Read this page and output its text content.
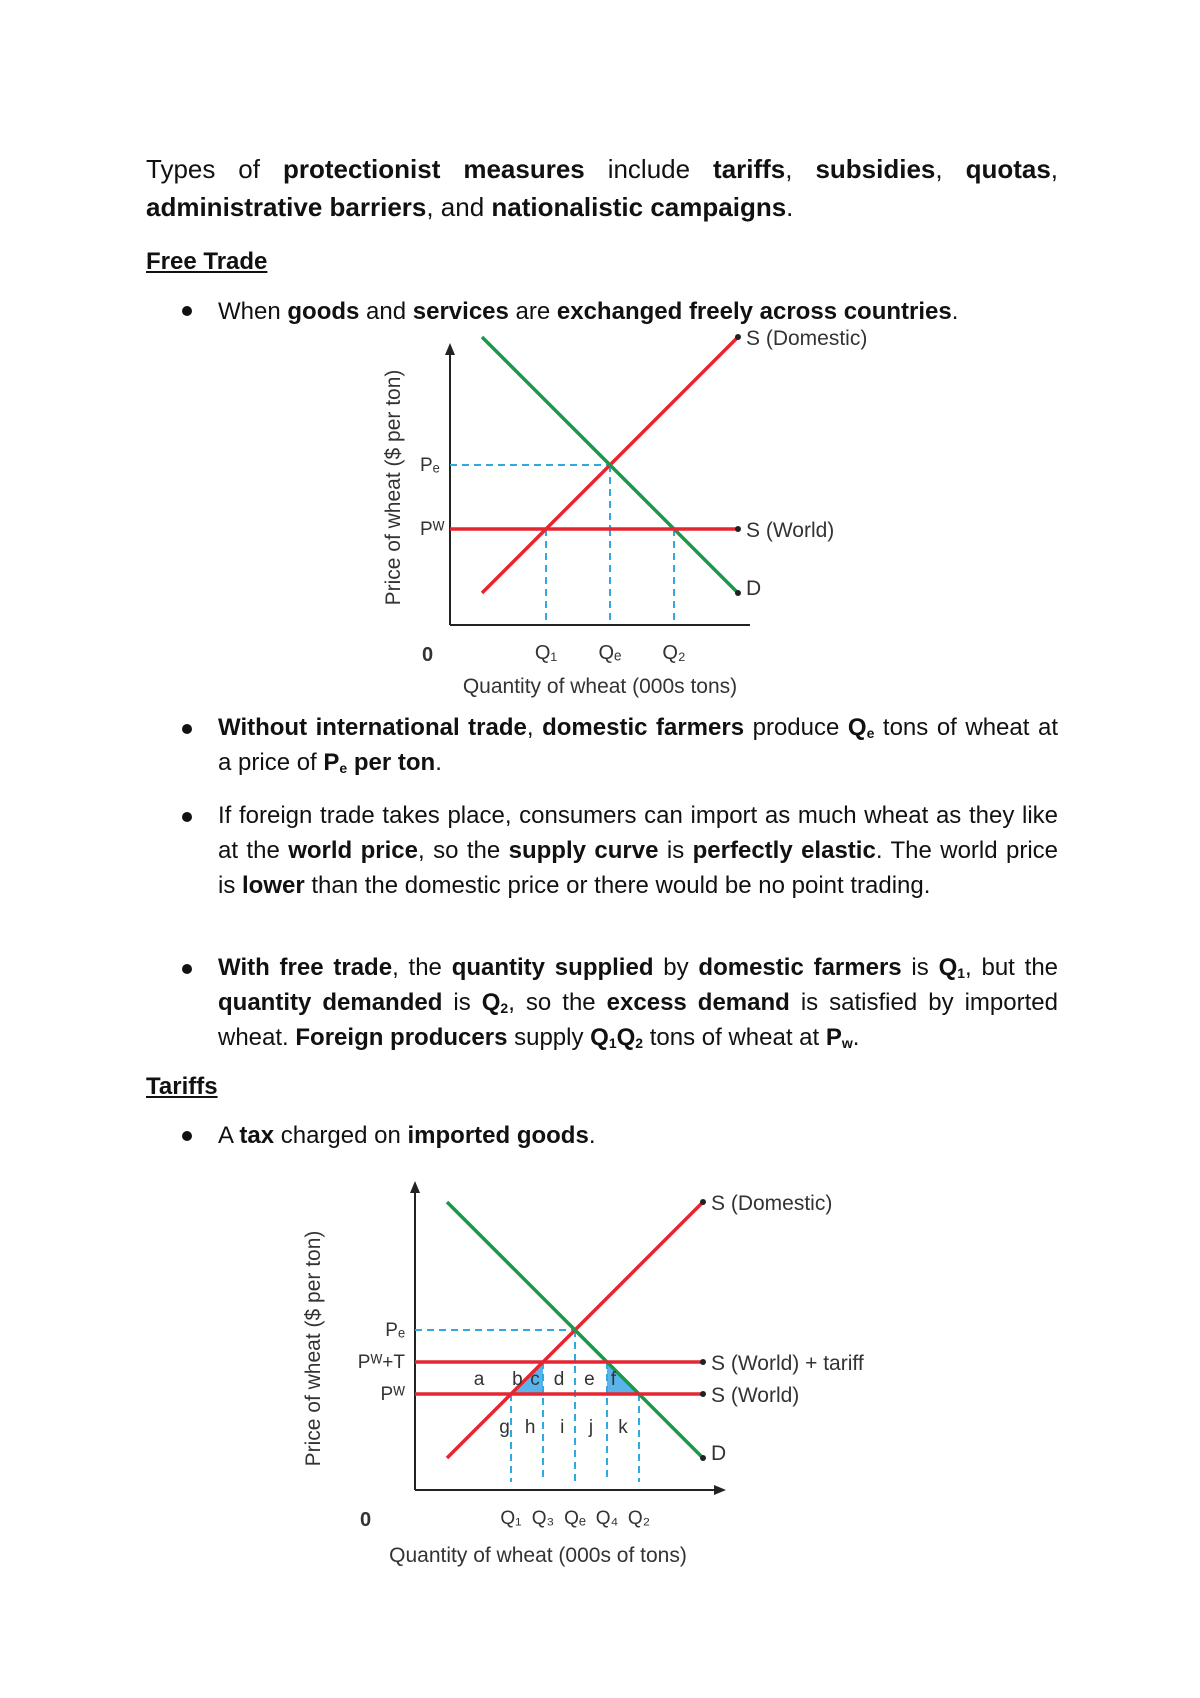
Types of protectionist measures include tariffs, subsidies, quotas, administrative barriers, and nationalistic campaigns.

Free Trade

When goods and services are exchanged freely across countries.

S (Domestic)
S (World)
D
Pₑ
Pᵂ
Q₁ Qₑ Q₂
0
Quantity of wheat (000s tons)
Price of wheat ($ per ton)

Without international trade, domestic farmers produce $Q_e$ tons of wheat at a price of $P_e$ per ton.

If foreign trade takes place, consumers can import as much wheat as they like at the world price, so the supply curve is perfectly elastic. The world price is lower than the domestic price or there would be no point trading.

With free trade, the quantity supplied by domestic farmers is $Q_1$, but the quantity demanded is $Q_2$, so the excess demand is satisfied by imported wheat. Foreign producers supply $Q_1Q_2$ tons of wheat at $P_w$.

Tariffs

A tax charged on imported goods.

S (Domestic)
S (World) + tariff
S (World)
D
a b c d e f
g h i j k
Pₑ
Pᵂ+T
Pᵂ
Q₁ Q₃ Qₑ Q₄ Q₂
0
Quantity of wheat (000s of tons)
Price of wheat ($ per ton)
